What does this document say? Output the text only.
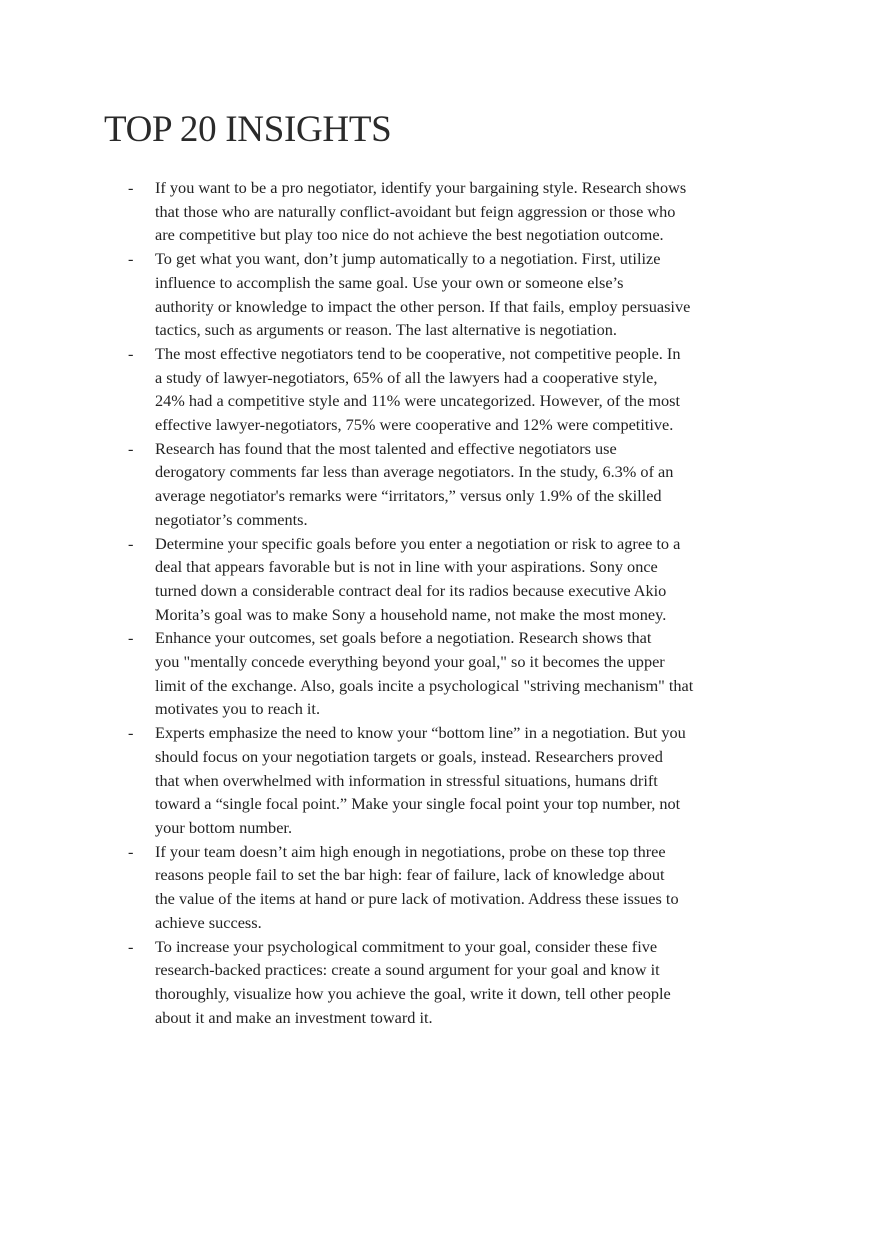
TOP 20 INSIGHTS
- If you want to be a pro negotiator, identify your bargaining style. Research shows
that those who are naturally conflict-avoidant but feign aggression or those who
are competitive but play too nice do not achieve the best negotiation outcome.
- To get what you want, don’t jump automatically to a negotiation. First, utilize
influence to accomplish the same goal. Use your own or someone else’s
authority or knowledge to impact the other person. If that fails, employ persuasive
tactics, such as arguments or reason. The last alternative is negotiation.
- The most effective negotiators tend to be cooperative, not competitive people. In
a study of lawyer-negotiators, 65% of all the lawyers had a cooperative style,
24% had a competitive style and 11% were uncategorized. However, of the most
effective lawyer-negotiators, 75% were cooperative and 12% were competitive.
- Research has found that the most talented and effective negotiators use
derogatory comments far less than average negotiators. In the study, 6.3% of an
average negotiator's remarks were “irritators,” versus only 1.9% of the skilled
negotiator’s comments.
- Determine your specific goals before you enter a negotiation or risk to agree to a
deal that appears favorable but is not in line with your aspirations. Sony once
turned down a considerable contract deal for its radios because executive Akio
Morita’s goal was to make Sony a household name, not make the most money.
- Enhance your outcomes, set goals before a negotiation. Research shows that
you "mentally concede everything beyond your goal," so it becomes the upper
limit of the exchange. Also, goals incite a psychological "striving mechanism" that
motivates you to reach it.
- Experts emphasize the need to know your “bottom line” in a negotiation. But you
should focus on your negotiation targets or goals, instead. Researchers proved
that when overwhelmed with information in stressful situations, humans drift
toward a “single focal point.” Make your single focal point your top number, not
your bottom number.
- If your team doesn’t aim high enough in negotiations, probe on these top three
reasons people fail to set the bar high: fear of failure, lack of knowledge about
the value of the items at hand or pure lack of motivation. Address these issues to
achieve success.
- To increase your psychological commitment to your goal, consider these five
research-backed practices: create a sound argument for your goal and know it
thoroughly, visualize how you achieve the goal, write it down, tell other people
about it and make an investment toward it.
